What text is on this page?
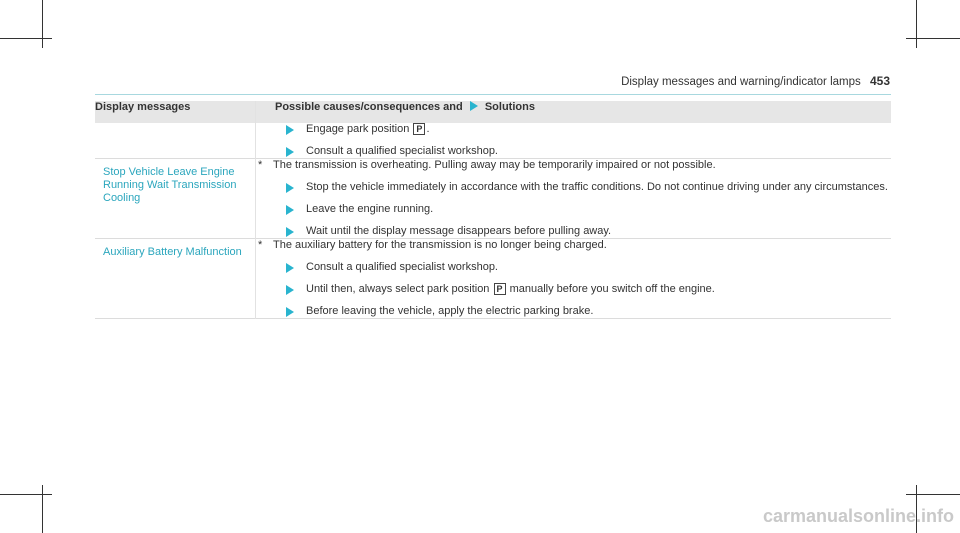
Display messages and warning/indicator lamps 453
Display messages	Possible causes/consequences and Solutions

	Engage park position P .
Consult a qualified specialist workshop.

Stop Vehicle Leave Engine Running Wait Transmission Cooling	* The transmission is overheating. Pulling away may be temporarily impaired or not possible.
Stop the vehicle immediately in accordance with the traffic conditions. Do not continue driving under any circumstances.
Leave the engine running.
Wait until the display message disappears before pulling away.

Auxiliary Battery Malfunction	* The auxiliary battery for the transmission is no longer being charged.
Consult a qualified specialist workshop.
Until then, always select park position P manually before you switch off the engine.
Before leaving the vehicle, apply the electric parking brake.
carmanualsonline.info
